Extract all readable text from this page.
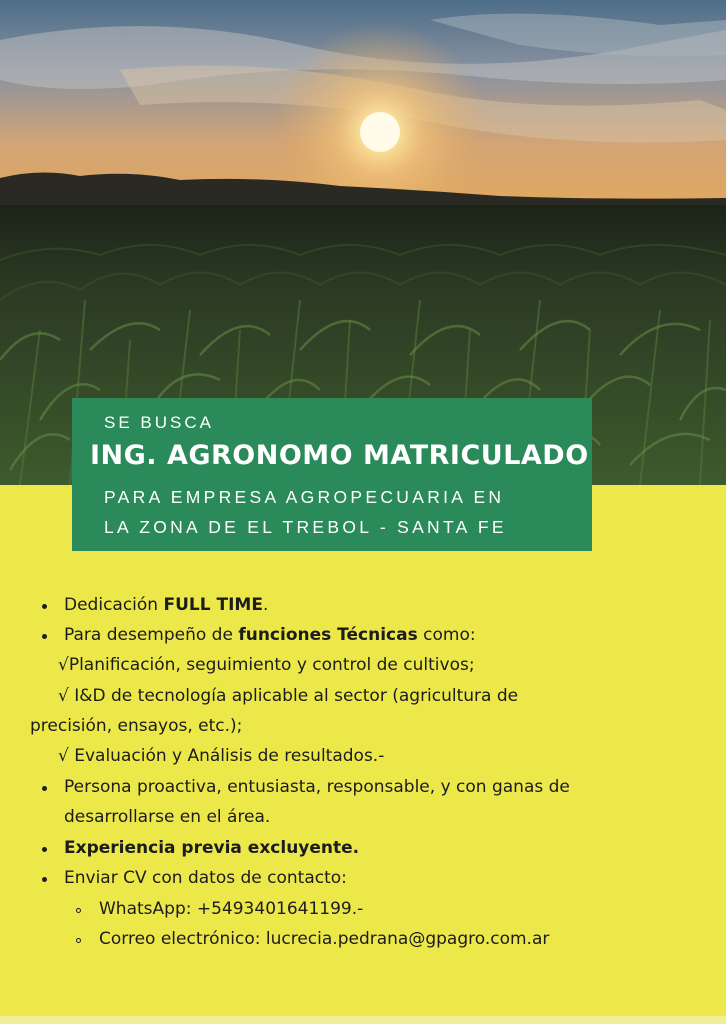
SE BUSCA
ING. AGRONOMO MATRICULADO
PARA EMPRESA AGROPECUARIA EN
LA ZONA DE EL TREBOL - SANTA FE
Dedicación FULL TIME.
Para desempeño de funciones Técnicas como:
√Planificación, seguimiento y control de cultivos;
√ I&D de tecnología aplicable al sector (agricultura de
precisión, ensayos, etc.);
√ Evaluación y Análisis de resultados.-
Persona proactiva, entusiasta, responsable, y con ganas de
desarrollarse en el área.
Experiencia previa excluyente.
Enviar CV con datos de contacto:
WhatsApp: +5493401641199.-
Correo electrónico: lucrecia.pedrana@gpagro.com.ar
